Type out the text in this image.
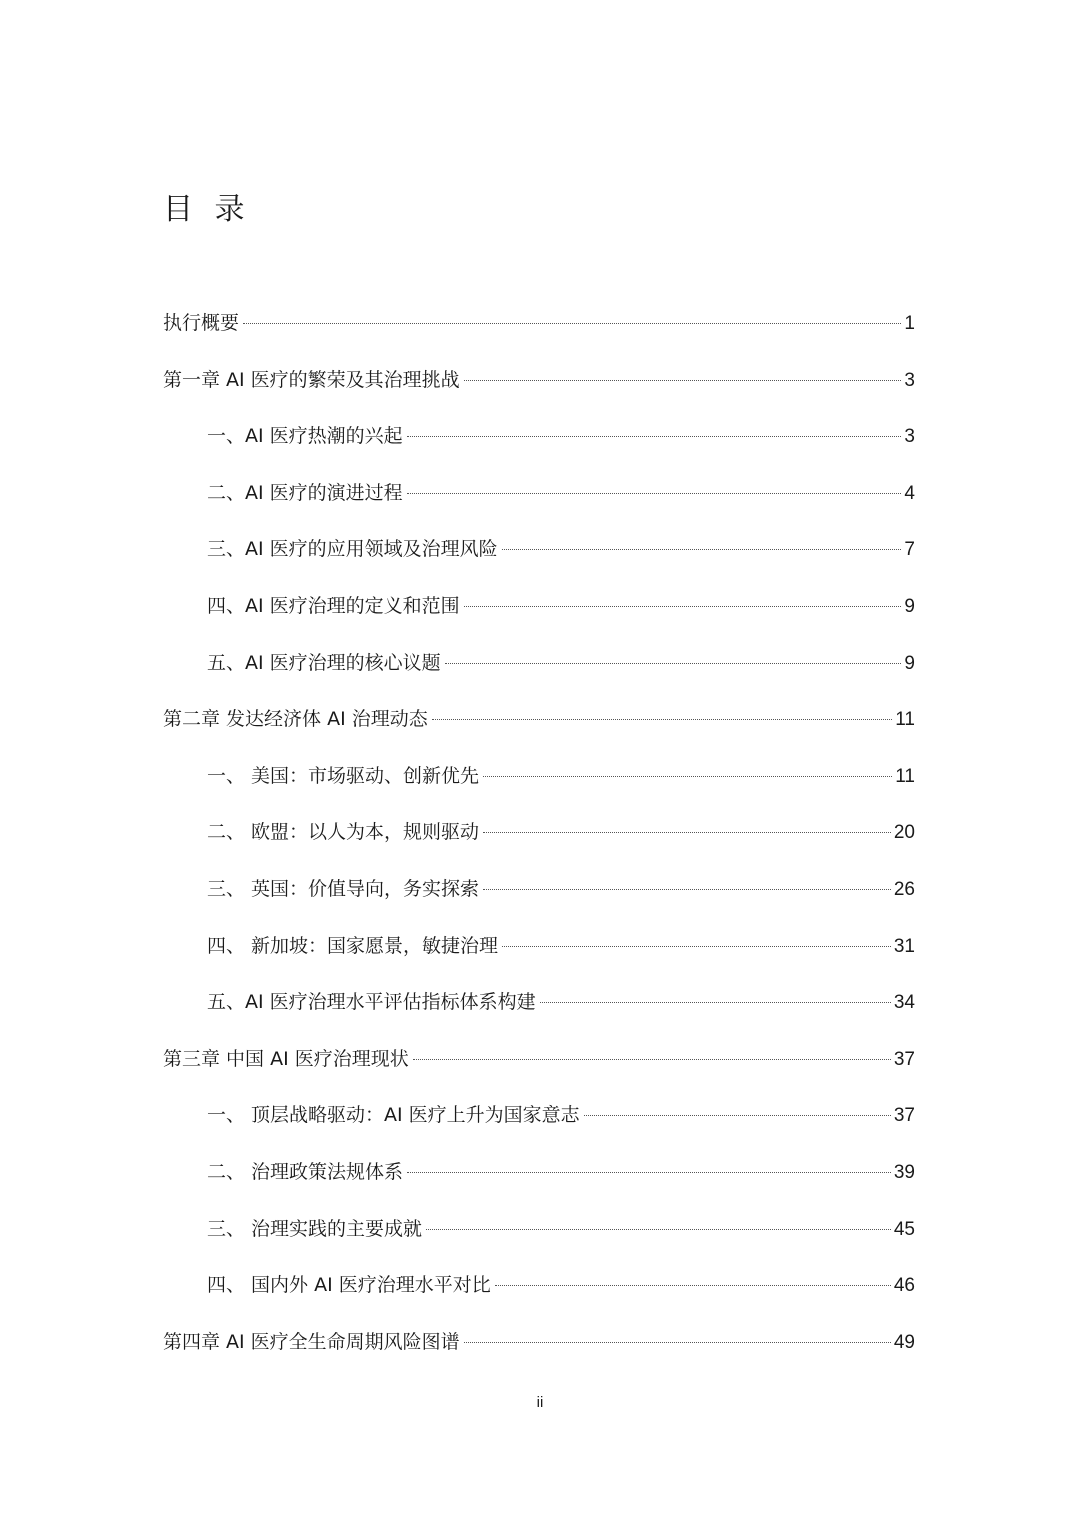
目 录
执行概要	1
第一章 AI 医疗的繁荣及其治理挑战	3
一、AI 医疗热潮的兴起	3
二、AI 医疗的演进过程	4
三、AI 医疗的应用领域及治理风险	7
四、AI 医疗治理的定义和范围	9
五、AI 医疗治理的核心议题	9
第二章 发达经济体 AI 治理动态	11
一、 美国：市场驱动、创新优先	11
二、 欧盟：以人为本，规则驱动	20
三、 英国：价值导向，务实探索	26
四、 新加坡：国家愿景，敏捷治理	31
五、AI 医疗治理水平评估指标体系构建	34
第三章 中国 AI 医疗治理现状	37
一、 顶层战略驱动：AI 医疗上升为国家意志	37
二、 治理政策法规体系	39
三、 治理实践的主要成就	45
四、 国内外 AI 医疗治理水平对比	46
第四章 AI 医疗全生命周期风险图谱	49
ii
